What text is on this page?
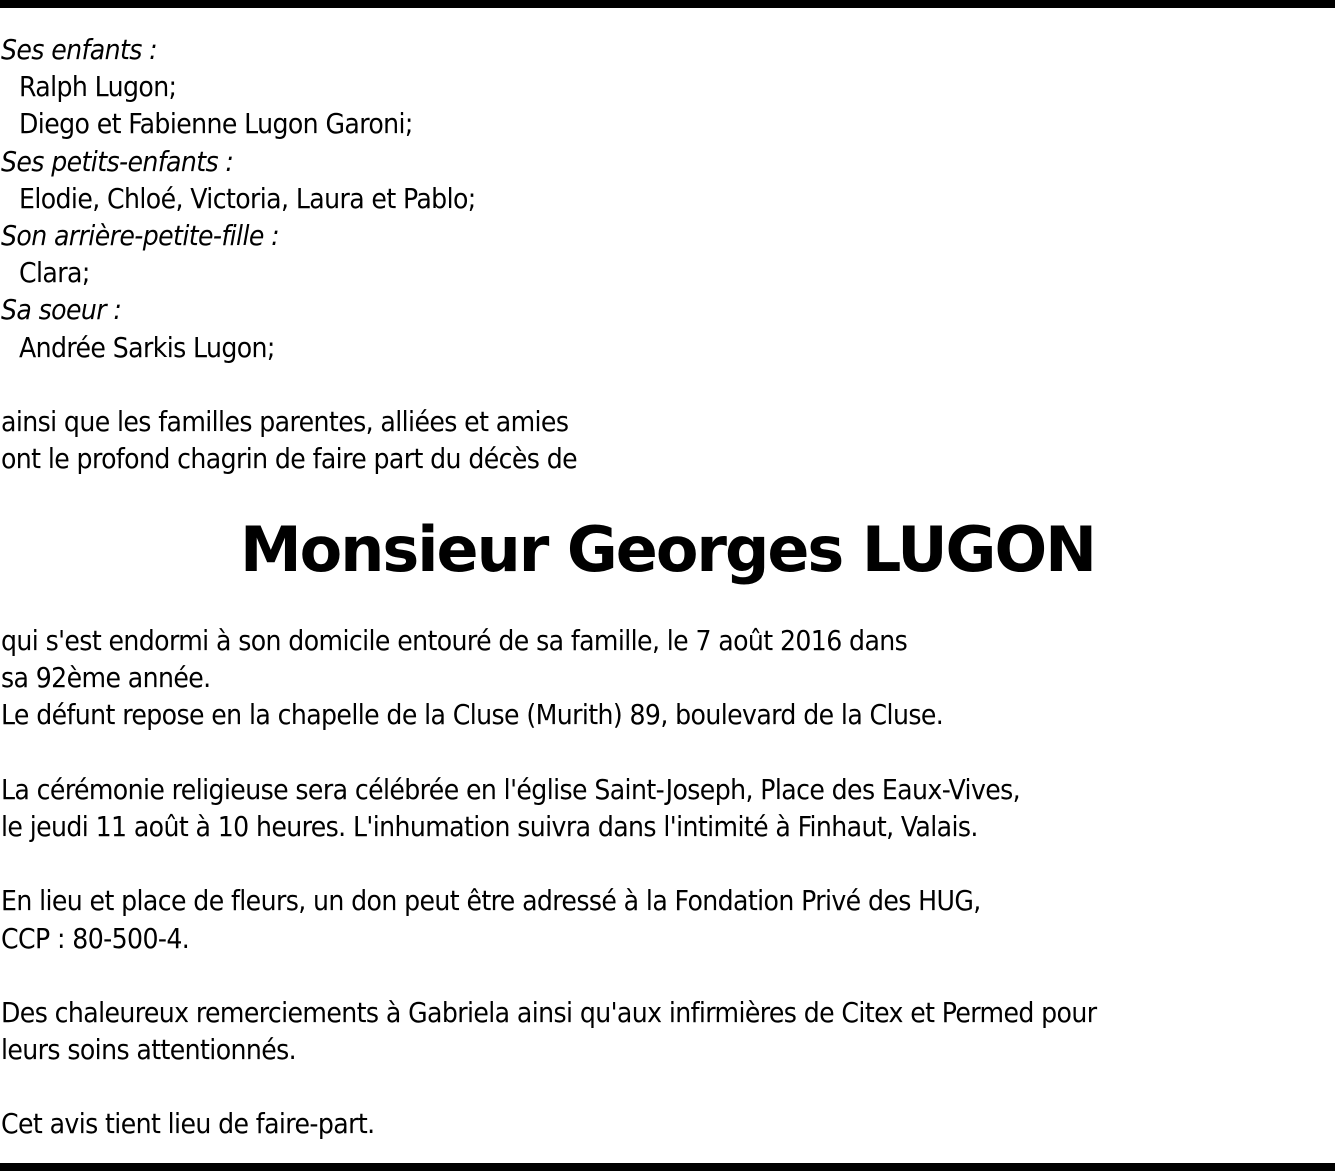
Ses enfants :
Ralph Lugon;
Diego et Fabienne Lugon Garoni;
Ses petits-enfants :
Elodie, Chloé, Victoria, Laura et Pablo;
Son arrière-petite-fille :
Clara;
Sa soeur :
Andrée Sarkis Lugon;
ainsi que les familles parentes, alliées et amies
ont le profond chagrin de faire part du décès de
Monsieur Georges LUGON
qui s'est endormi à son domicile entouré de sa famille, le 7 août 2016 dans
sa 92ème année.
Le défunt repose en la chapelle de la Cluse (Murith) 89, boulevard de la Cluse.
La cérémonie religieuse sera célébrée en l'église Saint-Joseph, Place des Eaux-Vives,
le jeudi 11 août à 10 heures. L'inhumation suivra dans l'intimité à Finhaut, Valais.
En lieu et place de fleurs, un don peut être adressé à la Fondation Privé des HUG,
CCP : 80-500-4.
Des chaleureux remerciements à Gabriela ainsi qu'aux infirmières de Citex et Permed pour
leurs soins attentionnés.
Cet avis tient lieu de faire-part.
